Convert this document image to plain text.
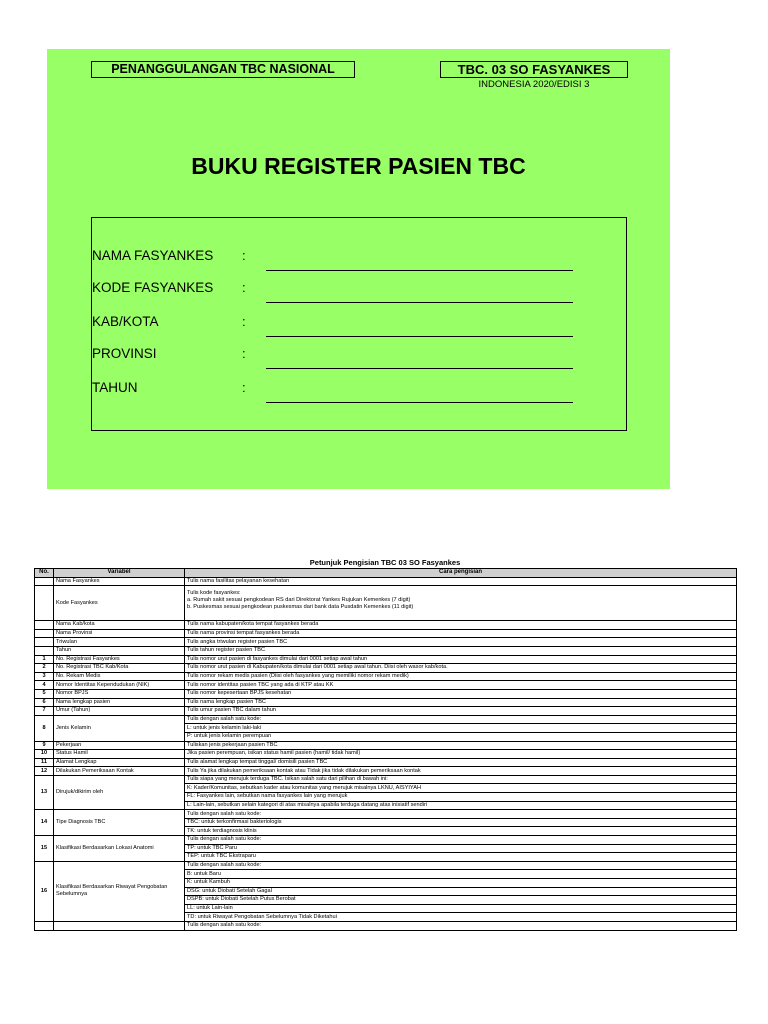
PENANGGULANGAN TBC NASIONAL	TBC. 03 SO FASYANKES
INDONESIA 2020/EDISI 3
BUKU REGISTER PASIEN TBC
NAMA FASYANKES :
KODE FASYANKES :
KAB/KOTA	:
PROVINSI	:
TAHUN	:
Petunjuk Pengisian TBC 03 SO Fasyankes
No.	Variabel	Cara pengisian
	Nama Fasyankes	Tulis nama fasilitas pelayanan kesehatan
	Kode Fasyankes	Tulis kode fasyankes:
a. Rumah sakit sesuai pengkodean RS dari Direktorat Yankes Rujukan Kemenkes (7 digit)
b. Puskesmas sesuai pengkodean puskesmas dari bank data Pusdatin Kemenkes (11 digit)

	Nama Kab/kota	Tulis nama kabupaten/kota tempat fasyankes berada
	Nama Provinsi	Tulis nama provinsi tempat fasyankes berada
	Triwulan	Tulis angka triwulan register pasien TBC
	Tahun	Tulis tahun register pasien TBC
1	No. Registrasi Fasyankes	Tulis nomor urut pasien di fasyankes dimulai dari 0001 setiap awal tahun
2	No. Registrasi TBC Kab/Kota	Tulis nomor urut pasien di Kabupaten/kota dimulai dari 0001 setiap awal tahun. Diisi oleh wasor kab/kota.
3	No. Rekam Medis	Tulis nomor rekam medis pasien (Diisi oleh fasyankes yang memiliki nomor rekam medik)
4	Nomor Identitas Kependudukan (NIK)	Tulis nomor identitas pasien TBC yang ada di KTP atau KK
5	Nomor BPJS	Tulis nomor kepesertaan BPJS kesehatan
6	Nama lengkap pasien	Tulis nama lengkap pasien TBC
7	Umur (Tahun)	Tulis umur pasien TBC dalam tahun
8	Jenis Kelamin	Tulis dengan salah satu kode:
		L: untuk jenis kelamin laki-laki
		P: untuk jenis kelamin perempuan
9	Pekerjaan	Tuliskan jenis pekerjaan pasien TBC
10	Status Hamil	Jika pasien perempuan, isikan status hamil pasien (hamil/ tidak hamil)
11	Alamat Lengkap	Tulis alamat lengkap tempat tinggal/ domisili pasien TBC
12	Dilakukan Pemeriksaan Kontak	Tulis Ya jika dilakukan pemeriksaan kontak atau Tidak jika tidak dilakukan pemeriksaan kontak
13	Dirujuk/dikirim oleh	Tulis siapa yang merujuk terduga TBC. Isikan salah satu dari pilihan di bawah ini:
		K: Kader/Komunitas, sebutkan kader atau komunitas yang merujuk misalnya LKNU, AISYIYAH
		FL: Fasyankes lain, sebutkan nama fasyankes lain yang merujuk
		L: Lain-lain, sebutkan selain kategori di atas misalnya apabila terduga datang atas inisiatif sendiri
14	Tipe Diagnosis TBC	Tulis dengan salah satu kode:
		TBC: untuk terkonfirmasi bakteriologis
		TK: untuk terdiagnosis klinis
15	Klasifikasi Berdasarkan Lokasi Anatomi	Tulis dengan salah satu kode:
		TP: untuk TBC Paru
		TEP: untuk TBC Ekstraparu
16	Klasifikasi Berdasarkan Riwayat Pengobatan Sebelumnya	Tulis dengan salah satu kode:
		B: untuk Baru
		K: untuk Kambuh
		DSG: untuk Diobati Setelah Gagal
		DSPB: untuk Diobati Setelah Putus Berobat
		LL: untuk Lain-lain
		TD: untuk Riwayat Pengobatan Sebelumnya Tidak Diketahui
		Tulis dengan salah satu kode:
